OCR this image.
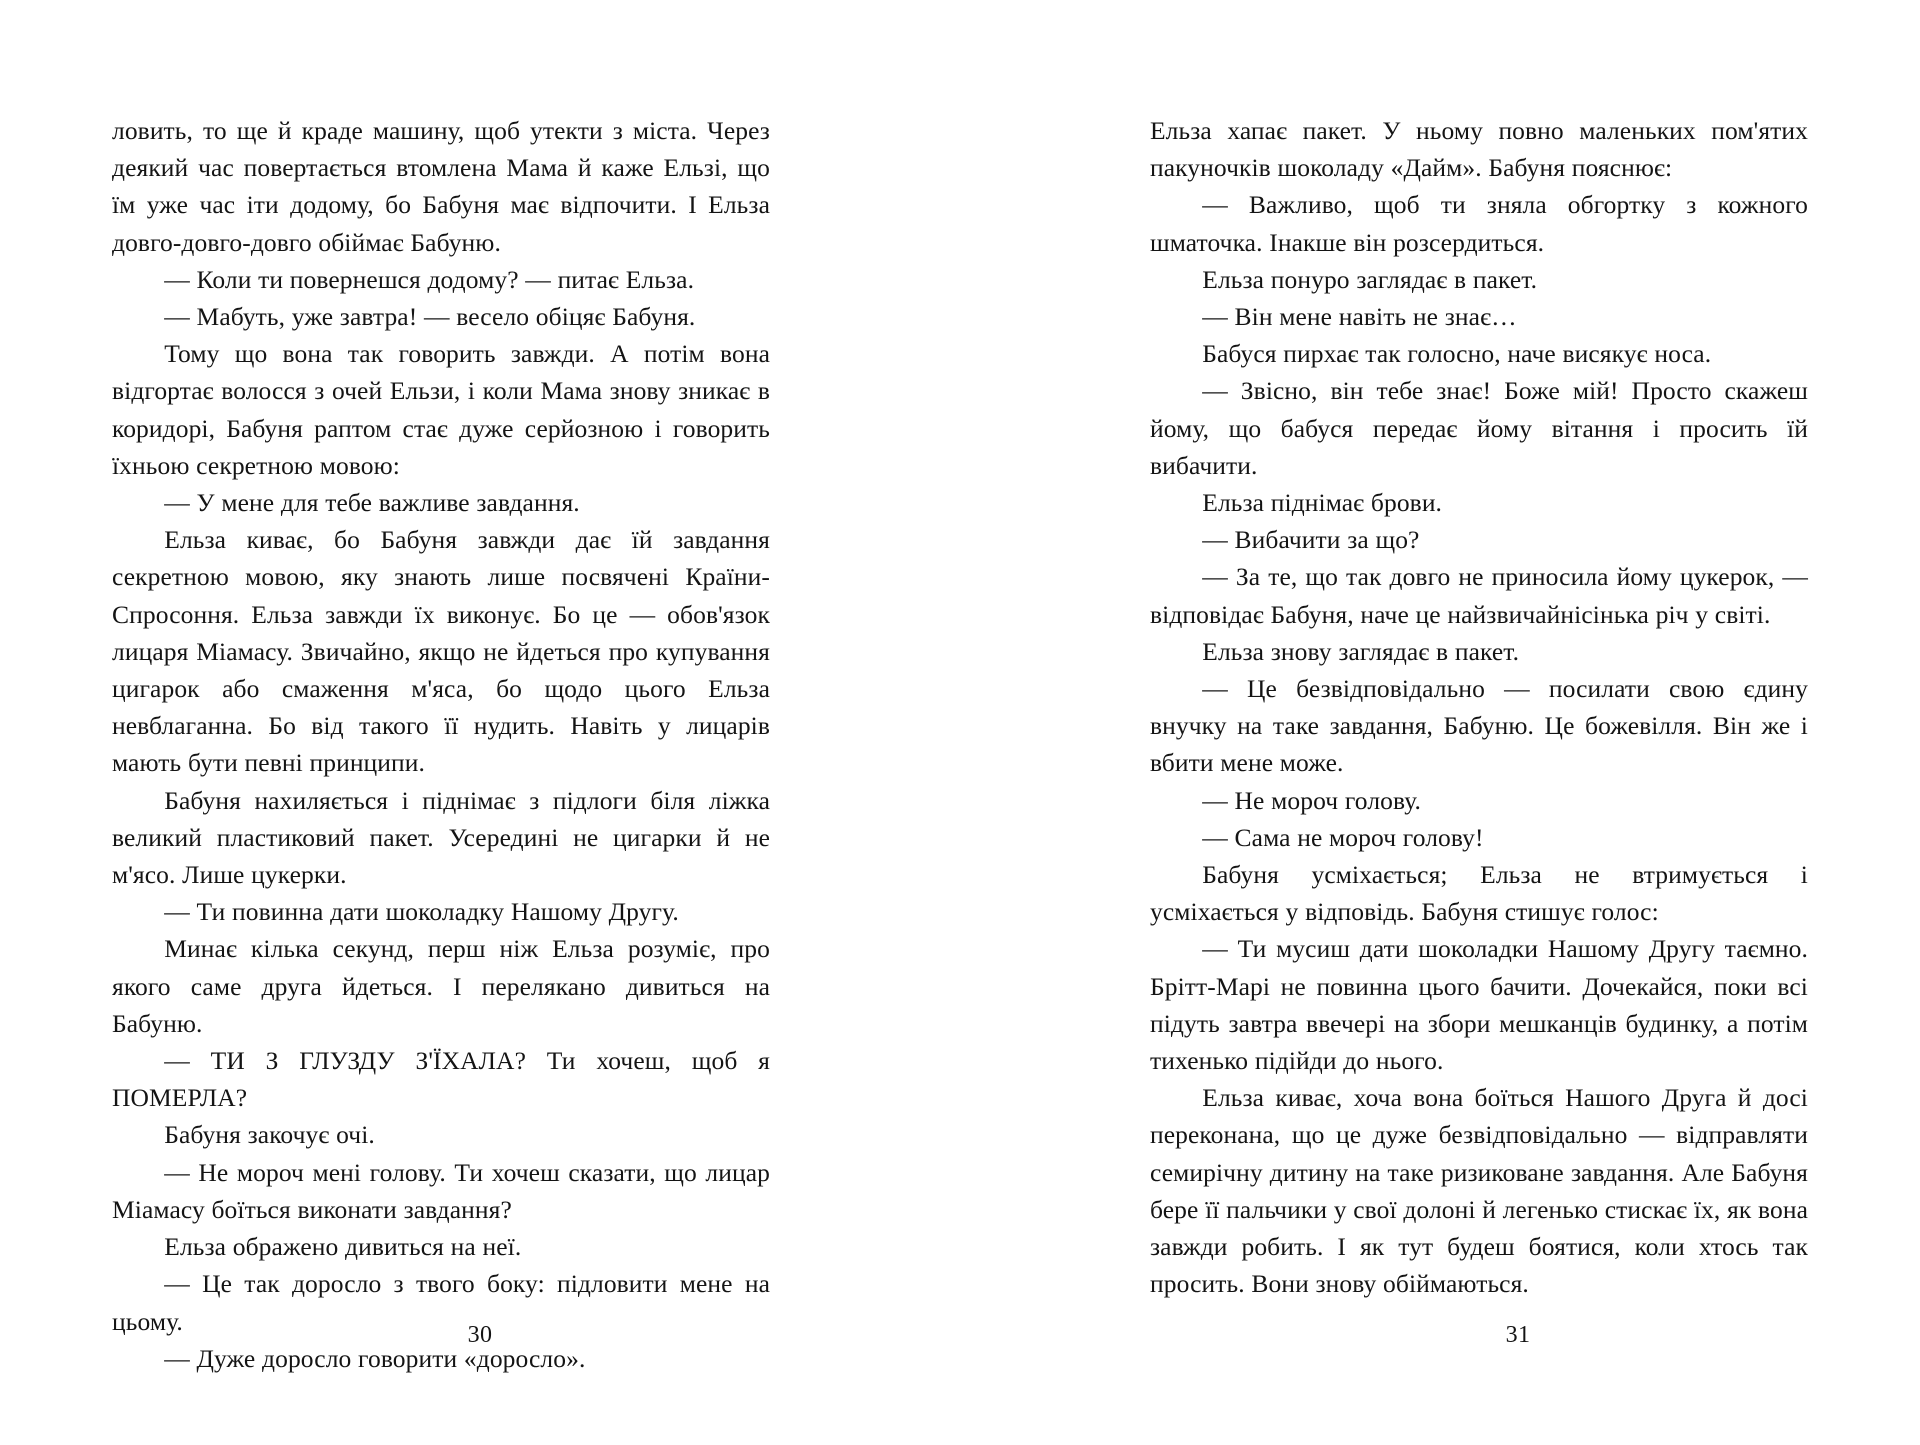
ловить, то ще й краде машину, щоб утекти з міста. Через деякий час повертається втомлена Мама й каже Ельзі, що їм уже час іти додому, бо Бабуня має відпочити. І Ельза довго-довго-довго обіймає Бабуню.

— Коли ти повернешся додому? — питає Ельза.

— Мабуть, уже завтра! — весело обіцяє Бабуня.

Тому що вона так говорить завжди. А потім вона відгортає волосся з очей Ельзи, і коли Мама знову зникає в коридорі, Бабуня раптом стає дуже серйозною і говорить їхньою секретною мовою:

— У мене для тебе важливе завдання.

Ельза киває, бо Бабуня завжди дає їй завдання секретною мовою, яку знають лише посвячені Країни-Спросоння. Ельза завжди їх виконує. Бо це — обов'язок лицаря Міамасу. Звичайно, якщо не йдеться про купування цигарок або смаження м'яса, бо щодо цього Ельза невблаганна. Бо від такого її нудить. Навіть у лицарів мають бути певні принципи.

Бабуня нахиляється і піднімає з підлоги біля ліжка великий пластиковий пакет. Усередині не цигарки й не м'ясо. Лише цукерки.

— Ти повинна дати шоколадку Нашому Другу.

Минає кілька секунд, перш ніж Ельза розуміє, про якого саме друга йдеться. І перелякано дивиться на Бабуню.

— ТИ З ГЛУЗДУ З'ЇХАЛА? Ти хочеш, щоб я ПОМЕРЛА?

Бабуня закочує очі.

— Не мороч мені голову. Ти хочеш сказати, що лицар Міамасу боїться виконати завдання?

Ельза ображено дивиться на неї.

— Це так доросло з твого боку: підловити мене на цьому.

— Дуже доросло говорити «доросло».

30

Ельза хапає пакет. У ньому повно маленьких пом'ятих пакуночків шоколаду «Дайм». Бабуня пояснює:

— Важливо, щоб ти зняла обгортку з кожного шматочка. Інакше він розсердиться.

Ельза понуро заглядає в пакет.

— Він мене навіть не знає…

Бабуся пирхає так голосно, наче висякує носа.

— Звісно, він тебе знає! Боже мій! Просто скажеш йому, що бабуся передає йому вітання і просить їй вибачити.

Ельза піднімає брови.

— Вибачити за що?

— За те, що так довго не приносила йому цукерок, — відповідає Бабуня, наче це найзвичайнісінька річ у світі.

Ельза знову заглядає в пакет.

— Це безвідповідально — посилати свою єдину внучку на таке завдання, Бабуню. Це божевілля. Він же і вбити мене може.

— Не мороч голову.

— Сама не мороч голову!

Бабуня усміхається; Ельза не втримується і усміхається у відповідь. Бабуня стишує голос:

— Ти мусиш дати шоколадки Нашому Другу таємно. Брітт-Марі не повинна цього бачити. Дочекайся, поки всі підуть завтра ввечері на збори мешканців будинку, а потім тихенько підійди до нього.

Ельза киває, хоча вона боїться Нашого Друга й досі переконана, що це дуже безвідповідально — відправляти семирічну дитину на таке ризиковане завдання. Але Бабуня бере її пальчики у свої долоні й легенько стискає їх, як вона завжди робить. І як тут будеш боятися, коли хтось так просить. Вони знову обіймаються.

31
